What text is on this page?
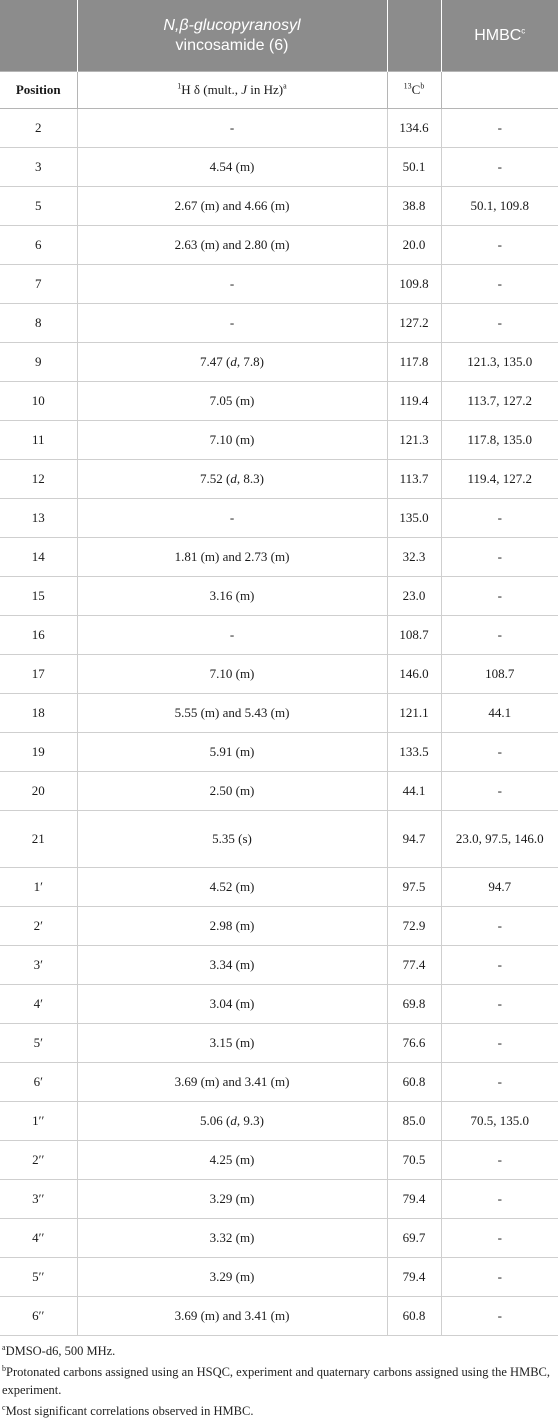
	N,β-glucopyranosyl
vincosamide (6)		HMBC$^c$
Position	$^1$H δ (mult., J in Hz)$^a$	$^{13}C^b$	
2	-	134.6	-
3	4.54 (m)	50.1	-
5	2.67 (m) and 4.66 (m)	38.8	50.1, 109.8
6	2.63 (m) and 2.80 (m)	20.0	-
7	-	109.8	-
8	-	127.2	-
9	7.47 (d, 7.8)	117.8	121.3, 135.0
10	7.05 (m)	119.4	113.7, 127.2
11	7.10 (m)	121.3	117.8, 135.0
12	7.52 (d, 8.3)	113.7	119.4, 127.2
13	-	135.0	-
14	1.81 (m) and 2.73 (m)	32.3	-
15	3.16 (m)	23.0	-
16	-	108.7	-
17	7.10 (m)	146.0	108.7
18	5.55 (m) and 5.43 (m)	121.1	44.1
19	5.91 (m)	133.5	-
20	2.50 (m)	44.1	-
21	5.35 (s)	94.7	23.0, 97.5, 146.0
1′	4.52 (m)	97.5	94.7
2′	2.98 (m)	72.9	-
3′	3.34 (m)	77.4	-
4′	3.04 (m)	69.8	-
5′	3.15 (m)	76.6	-
6′	3.69 (m) and 3.41 (m)	60.8	-
1′′	5.06 (d, 9.3)	85.0	70.5, 135.0
2′′	4.25 (m)	70.5	-
3′′	3.29 (m)	79.4	-
4′′	3.32 (m)	69.7	-
5′′	3.29 (m)	79.4	-
6′′	3.69 (m) and 3.41 (m)	60.8	-

$^a$DMSO-d6, 500 MHz.

$^b$Protonated carbons assigned using an HSQC, experiment and quaternary carbons assigned using the HMBC, experiment.

$^c$Most significant correlations observed in HMBC.
